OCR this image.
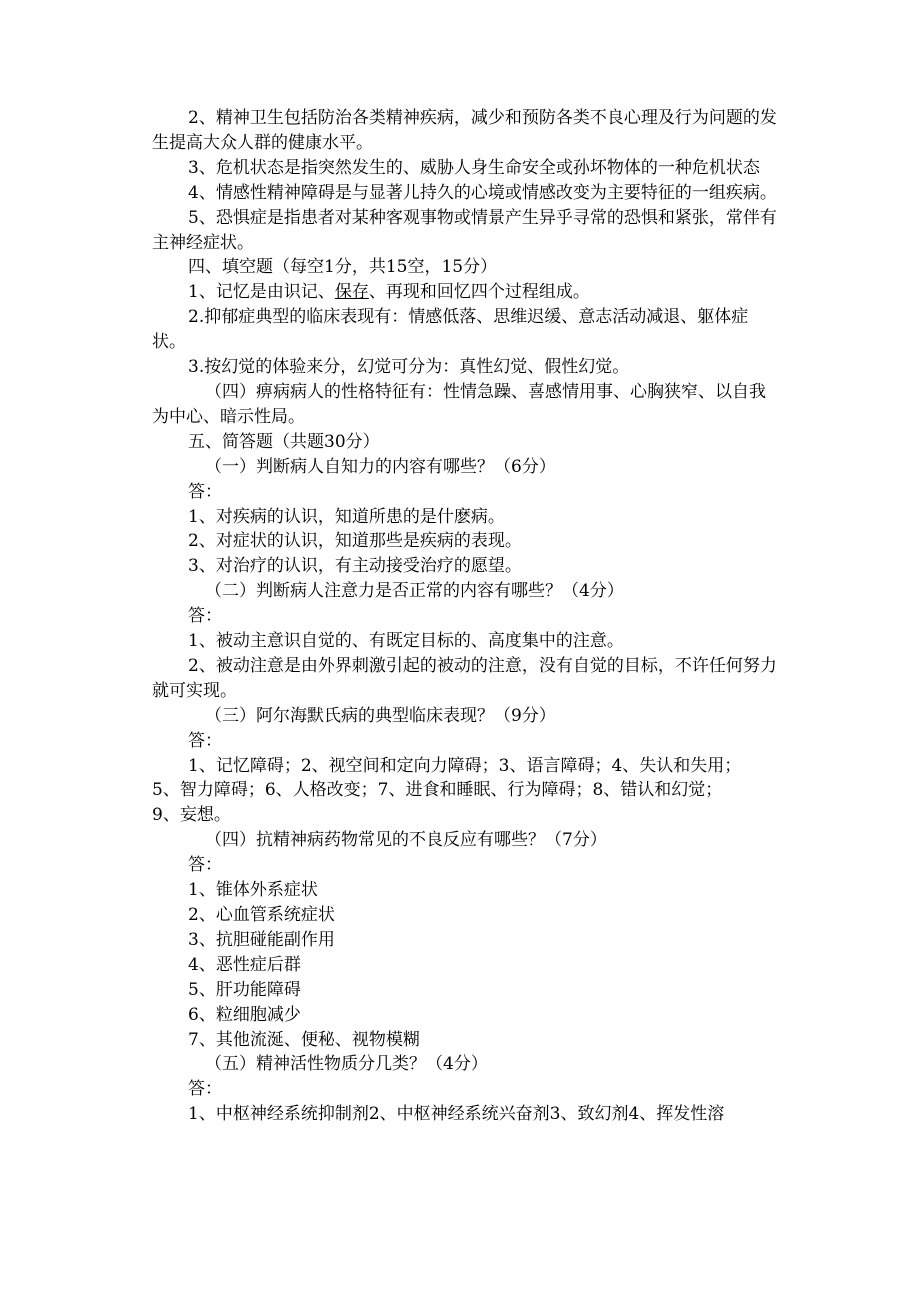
2、精神卫生包括防治各类精神疾病，减少和预防各类不良心理及行为问题的发生提高大众人群的健康水平。

3、危机状态是指突然发生的、威胁人身生命安全或孙坏物体的一种危机状态

4、情感性精神障碍是与显著儿持久的心境或情感改变为主要特征的一组疾病。

5、恐惧症是指患者对某种客观事物或情景产生异乎寻常的恐惧和紧张，常伴有主神经症状。

四、填空题（每空1分，共15空，15分）

1、记忆是由识记、保存、再现和回忆四个过程组成。

2.抑郁症典型的临床表现有：情感低落、思维迟缓、意志活动减退、躯体症状。

3.按幻觉的体验来分，幻觉可分为：真性幻觉、假性幻觉。

（四）痹病病人的性格特征有：性情急躁、喜感情用事、心胸狭窄、以自我为中心、暗示性局。

五、简答题（共题30分）

（一）判断病人自知力的内容有哪些？（6分）

答：

1、对疾病的认识，知道所患的是什麽病。

2、对症状的认识，知道那些是疾病的表现。

3、对治疗的认识，有主动接受治疗的愿望。

（二）判断病人注意力是否正常的内容有哪些？（4分）

答：

1、被动主意识自觉的、有既定目标的、高度集中的注意。

2、被动注意是由外界刺激引起的被动的注意，没有自觉的目标，不许任何努力就可实现。

（三）阿尔海默氏病的典型临床表现？（9分）

答：

1、记忆障碍；2、视空间和定向力障碍；3、语言障碍；4、失认和失用；

5、智力障碍；6、人格改变；7、进食和睡眠、行为障碍；8、错认和幻觉；

9、妄想。

（四）抗精神病药物常见的不良反应有哪些？（7分）

答：

1、锥体外系症状

2、心血管系统症状

3、抗胆碰能副作用

4、恶性症后群

5、肝功能障碍

6、粒细胞减少

7、其他流涎、便秘、视物模糊

（五）精神活性物质分几类？（4分）

答：

1、中枢神经系统抑制剂2、中枢神经系统兴奋剂3、致幻剂4、挥发性溶
